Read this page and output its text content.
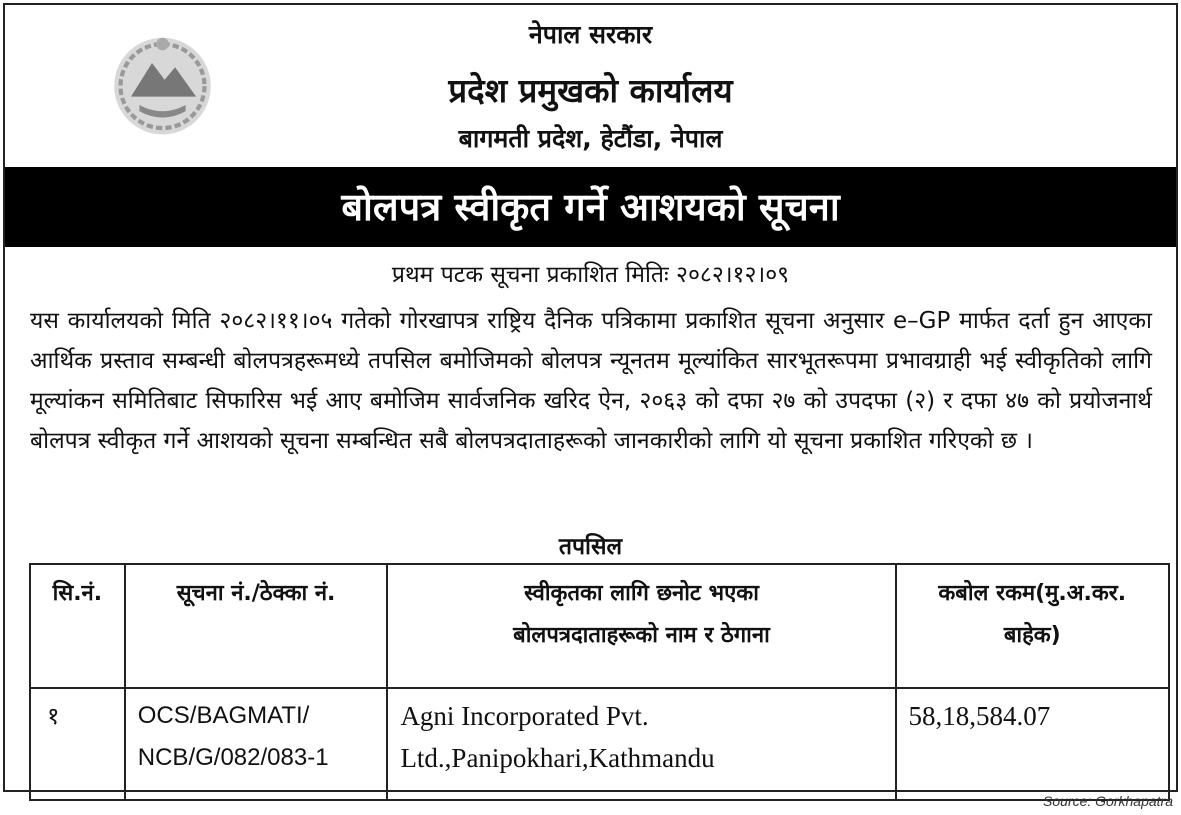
नेपाल सरकार
प्रदेश प्रमुखको कार्यालय
बागमती प्रदेश, हेटौंडा, नेपाल
बोलपत्र स्वीकृत गर्ने आशयको सूचना
प्रथम पटक सूचना प्रकाशित मितिः २०८२।१२।०९
यस कार्यालयको मिति २०८२।११।०५ गतेको गोरखापत्र राष्ट्रिय दैनिक पत्रिकामा प्रकाशित सूचना अनुसार e–GP मार्फत दर्ता हुन आएका आर्थिक प्रस्ताव सम्बन्धी बोलपत्रहरूमध्ये तपसिल बमोजिमको बोलपत्र न्यूनतम मूल्यांकित सारभूतरूपमा प्रभावग्राही भई स्वीकृतिको लागि मूल्यांकन समितिबाट सिफारिस भई आए बमोजिम सार्वजनिक खरिद ऐन, २०६३ को दफा २७ को उपदफा (२) र दफा ४७ को प्रयोजनार्थ बोलपत्र स्वीकृत गर्ने आशयको सूचना सम्बन्धित सबै बोलपत्रदाताहरूको जानकारीको लागि यो सूचना प्रकाशित गरिएको छ ।
तपसिल
सि.नं.	सूचना नं./ठेक्का नं.	स्वीकृतका लागि छनोट भएका बोलपत्रदाताहरूको नाम र ठेगाना	कबोल रकम(मु.अ.कर. बाहेक)
१	OCS/BAGMATI/ NCB/G/082/083-1	Agni Incorporated Pvt. Ltd.,Panipokhari,Kathmandu	58,18,584.07

Source: Gorkhapatra
